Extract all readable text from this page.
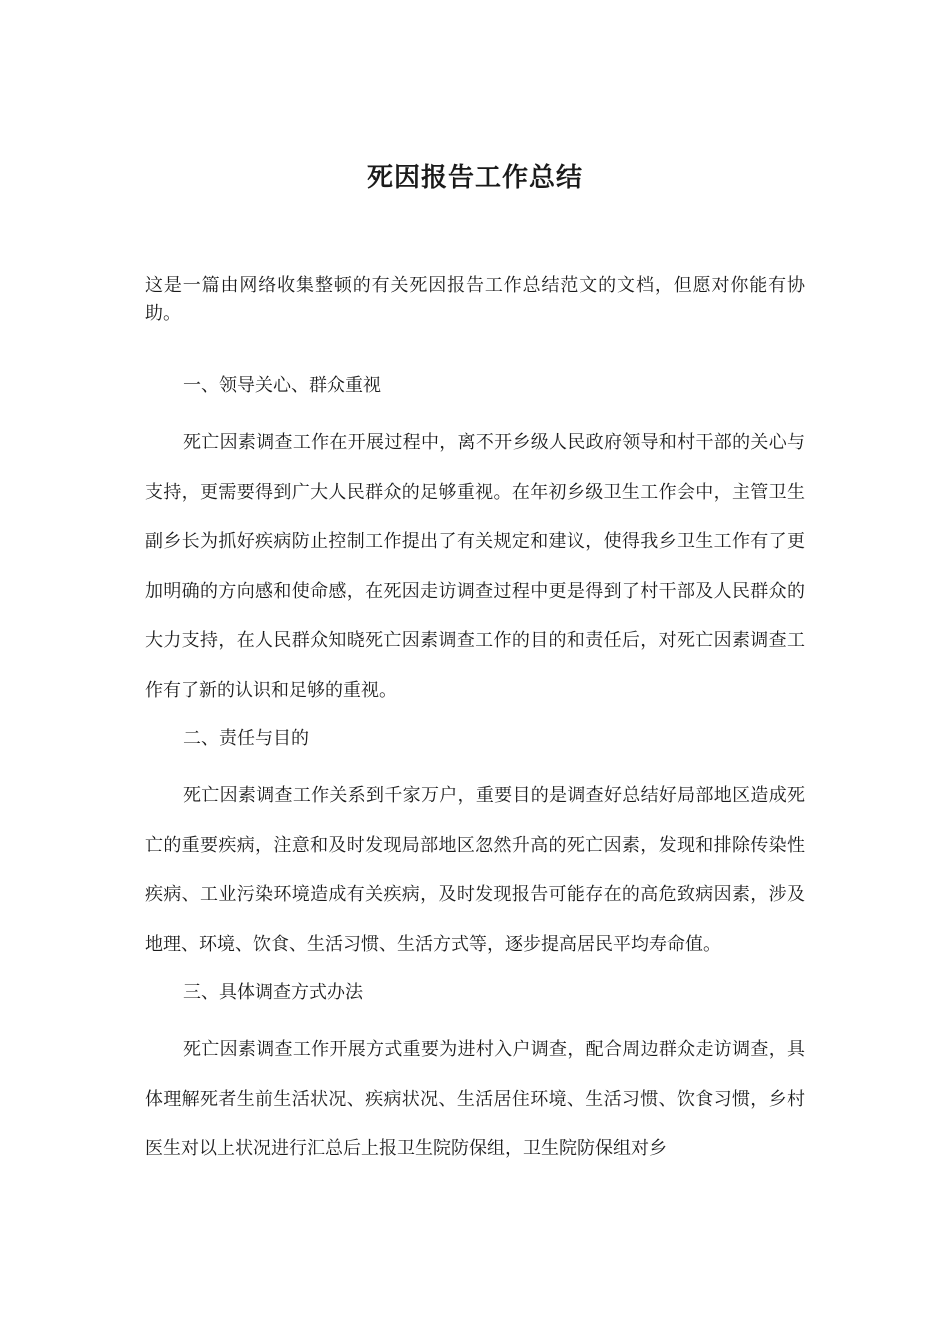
死因报告工作总结

这是一篇由网络收集整顿的有关死因报告工作总结范文的文档，但愿对你能有协助。

一、领导关心、群众重视

死亡因素调查工作在开展过程中，离不开乡级人民政府领导和村干部的关心与支持，更需要得到广大人民群众的足够重视。在年初乡级卫生工作会中，主管卫生副乡长为抓好疾病防止控制工作提出了有关规定和建议，使得我乡卫生工作有了更加明确的方向感和使命感，在死因走访调查过程中更是得到了村干部及人民群众的大力支持，在人民群众知晓死亡因素调查工作的目的和责任后，对死亡因素调查工作有了新的认识和足够的重视。

二、责任与目的

死亡因素调查工作关系到千家万户，重要目的是调查好总结好局部地区造成死亡的重要疾病，注意和及时发现局部地区忽然升高的死亡因素，发现和排除传染性疾病、工业污染环境造成有关疾病，及时发现报告可能存在的高危致病因素，涉及地理、环境、饮食、生活习惯、生活方式等，逐步提高居民平均寿命值。

三、具体调查方式办法

死亡因素调查工作开展方式重要为进村入户调查，配合周边群众走访调查，具体理解死者生前生活状况、疾病状况、生活居住环境、生活习惯、饮食习惯，乡村医生对以上状况进行汇总后上报卫生院防保组，卫生院防保组对乡
